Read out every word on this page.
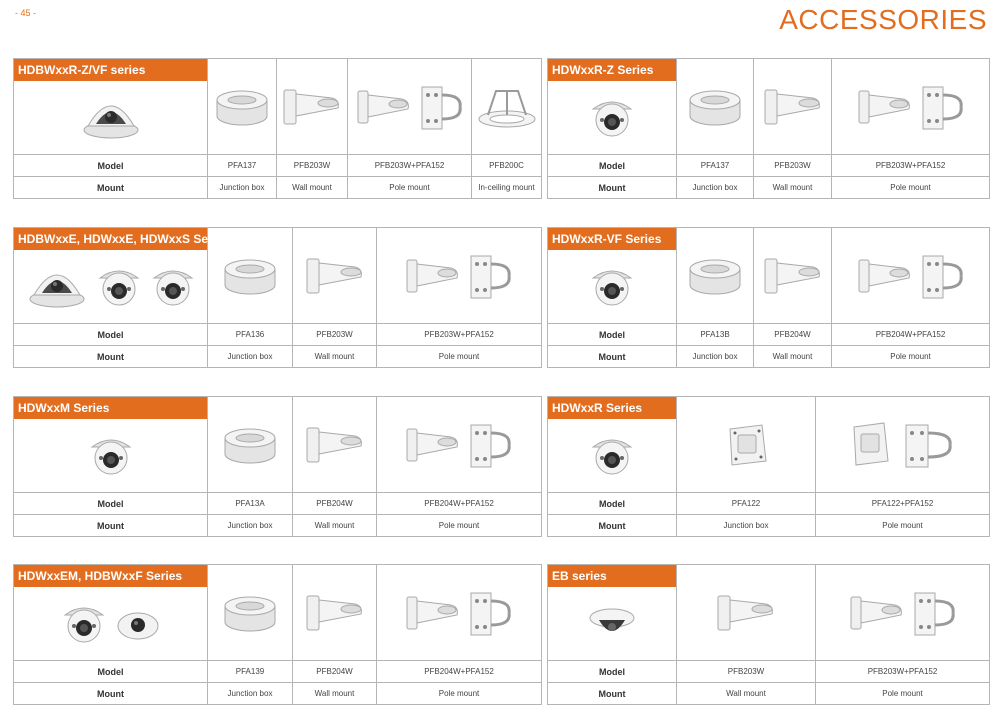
- 45 -	ACCESSORIES
HDBWxxR-Z/VF series

Model	PFA137	PFB203W	PFB203W+PFA152	PFB200C
Mount	Junction box	Wall mount	Pole mount	In-ceiling mount
HDWxxR-Z Series

Model	PFA137	PFB203W	PFB203W+PFA152
Mount	Junction box	Wall mount	Pole mount
HDBWxxE, HDWxxE, HDWxxS Series

Model	PFA136	PFB203W	PFB203W+PFA152
Mount	Junction box	Wall mount	Pole mount
HDWxxR-VF Series

Model	PFA13B	PFB204W	PFB204W+PFA152
Mount	Junction box	Wall mount	Pole mount
HDWxxM Series

Model	PFA13A	PFB204W	PFB204W+PFA152
Mount	Junction box	Wall mount	Pole mount
HDWxxR Series

Model	PFA122	PFA122+PFA152
Mount	Junction box	Pole mount
HDWxxEM, HDBWxxF Series

Model	PFA139	PFB204W	PFB204W+PFA152
Mount	Junction box	Wall mount	Pole mount
EB series

Model	PFB203W	PFB203W+PFA152
Mount	Wall mount	Pole mount
